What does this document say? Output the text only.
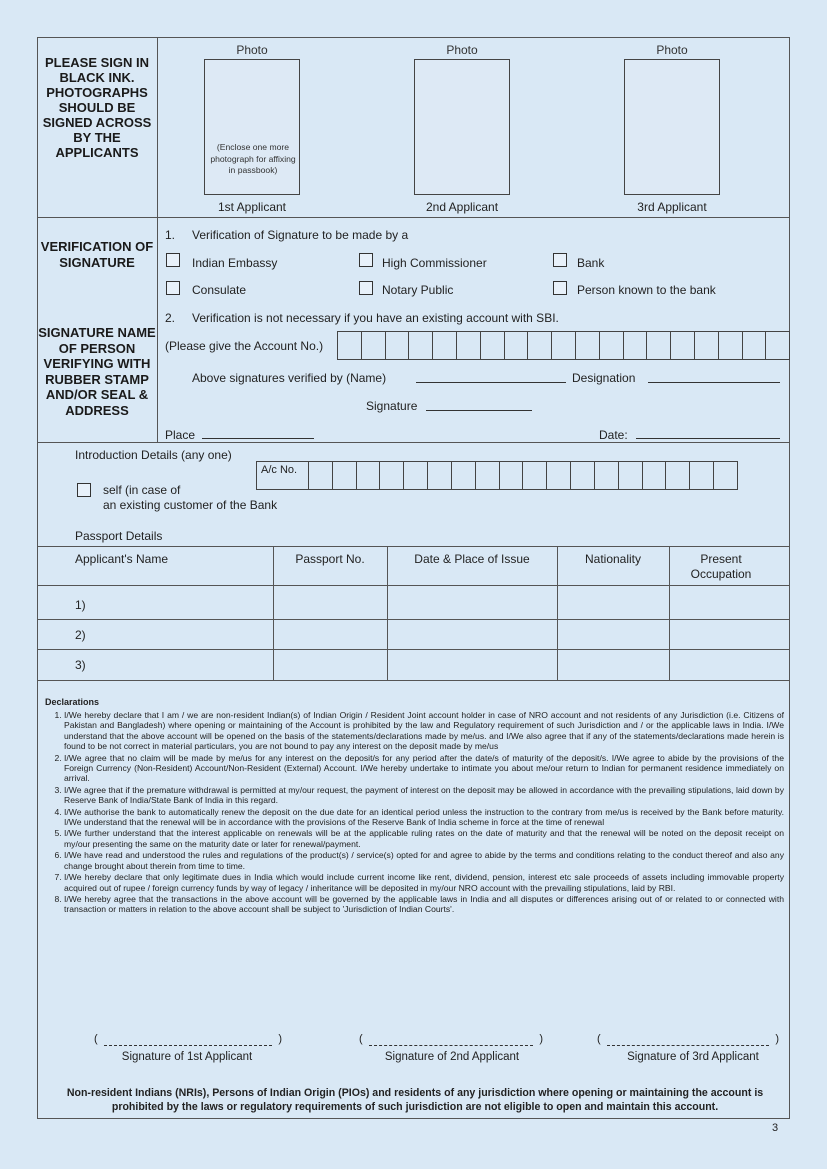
PLEASE SIGN IN BLACK INK. PHOTOGRAPHS SHOULD BE SIGNED ACROSS BY THE APPLICANTS
Photo	Photo	Photo
(Enclose one more photograph for affixing in passbook)
1st Applicant	2nd Applicant	3rd Applicant
VERIFICATION OF SIGNATURE
SIGNATURE NAME OF PERSON VERIFYING WITH RUBBER STAMP AND/OR SEAL & ADDRESS
1. Verification of Signature to be made by a
Indian Embassy	High Commissioner	Bank
Consulate	Notary Public	Person known to the bank
2. Verification is not necessary if you have an existing account with SBI.
(Please give the Account No.)
Above signatures verified by (Name)	Designation
Signature
Place	Date:
Introduction Details (any one)
A/c No.
self (in case of
an existing customer of the Bank
Passport Details
Applicant's Name	Passport No.	Date & Place of Issue	Nationality	Present Occupation
1)
2)
3)
Declarations
1. I/We hereby declare that I am / we are non-resident Indian(s) of Indian Origin / Resident Joint account holder in case of NRO account and not residents of any Jurisdiction (i.e. Citizens of Pakistan and Bangladesh) where opening or maintaining of the Account is prohibited by the law and Regulatory requirement of such Jurisdiction and / or the applicable laws in India. I/We understand that the above account will be opened on the basis of the statements/declarations made by me/us. and I/We also agree that if any of the statements/declarations made herein is found to be not correct in material particulars, you are not bound to pay any interest on the deposit made by me/us
2. I/We agree that no claim will be made by me/us for any interest on the deposit/s for any period after the date/s of maturity of the deposit/s. I/We agree to abide by the provisions of the Foreign Currency (Non-Resident) Account/Non-Resident (External) Account. I/We hereby undertake to intimate you about me/our return to Indian for permanent residence immediately on arrival.
3. I/We agree that if the premature withdrawal is permitted at my/our request, the payment of interest on the deposit may be allowed in accordance with the prevailing stipulations, laid down by Reserve Bank of India/State Bank of India in this regard.
4. I/We authorise the bank to automatically renew the deposit on the due date for an identical period unless the instruction to the contrary from me/us is received by the Bank before maturity. I/We understand that the renewal will be in accordance with the provisions of the Reserve Bank of India scheme in force at the time of renewal
5. I/We further understand that the interest applicable on renewals will be at the applicable ruling rates on the date of maturity and that the renewal will be noted on the deposit receipt on my/our presenting the same on the maturity date or later for renewal/payment.
6. I/We have read and understood the rules and regulations of the product(s) / service(s) opted for and agree to abide by the terms and conditions relating to the conduct thereof and also any change brought about therein from time to time.
7. I/We hereby declare that only legitimate dues in India which would include current income like rent, dividend, pension, interest etc sale proceeds of assets including immovable property acquired out of rupee / foreign currency funds by way of legacy / inheritance will be deposited in my/our NRO account with the prevailing stipulations, laid by RBI.
8. I/We hereby agree that the transactions in the above account will be governed by the applicable laws in India and all disputes or differences arising out of or related to or connected with transaction or matters in relation to the above account shall be subject to 'Jurisdiction of Indian Courts'.
(	)	(	)	(	)
Signature of 1st Applicant	Signature of 2nd Applicant	Signature of 3rd Applicant
Non-resident Indians (NRIs), Persons of Indian Origin (PIOs) and residents of any jurisdiction where opening or maintaining the account is prohibited by the laws or regulatory requirements of such jurisdiction are not eligible to open and maintain this account.
3
